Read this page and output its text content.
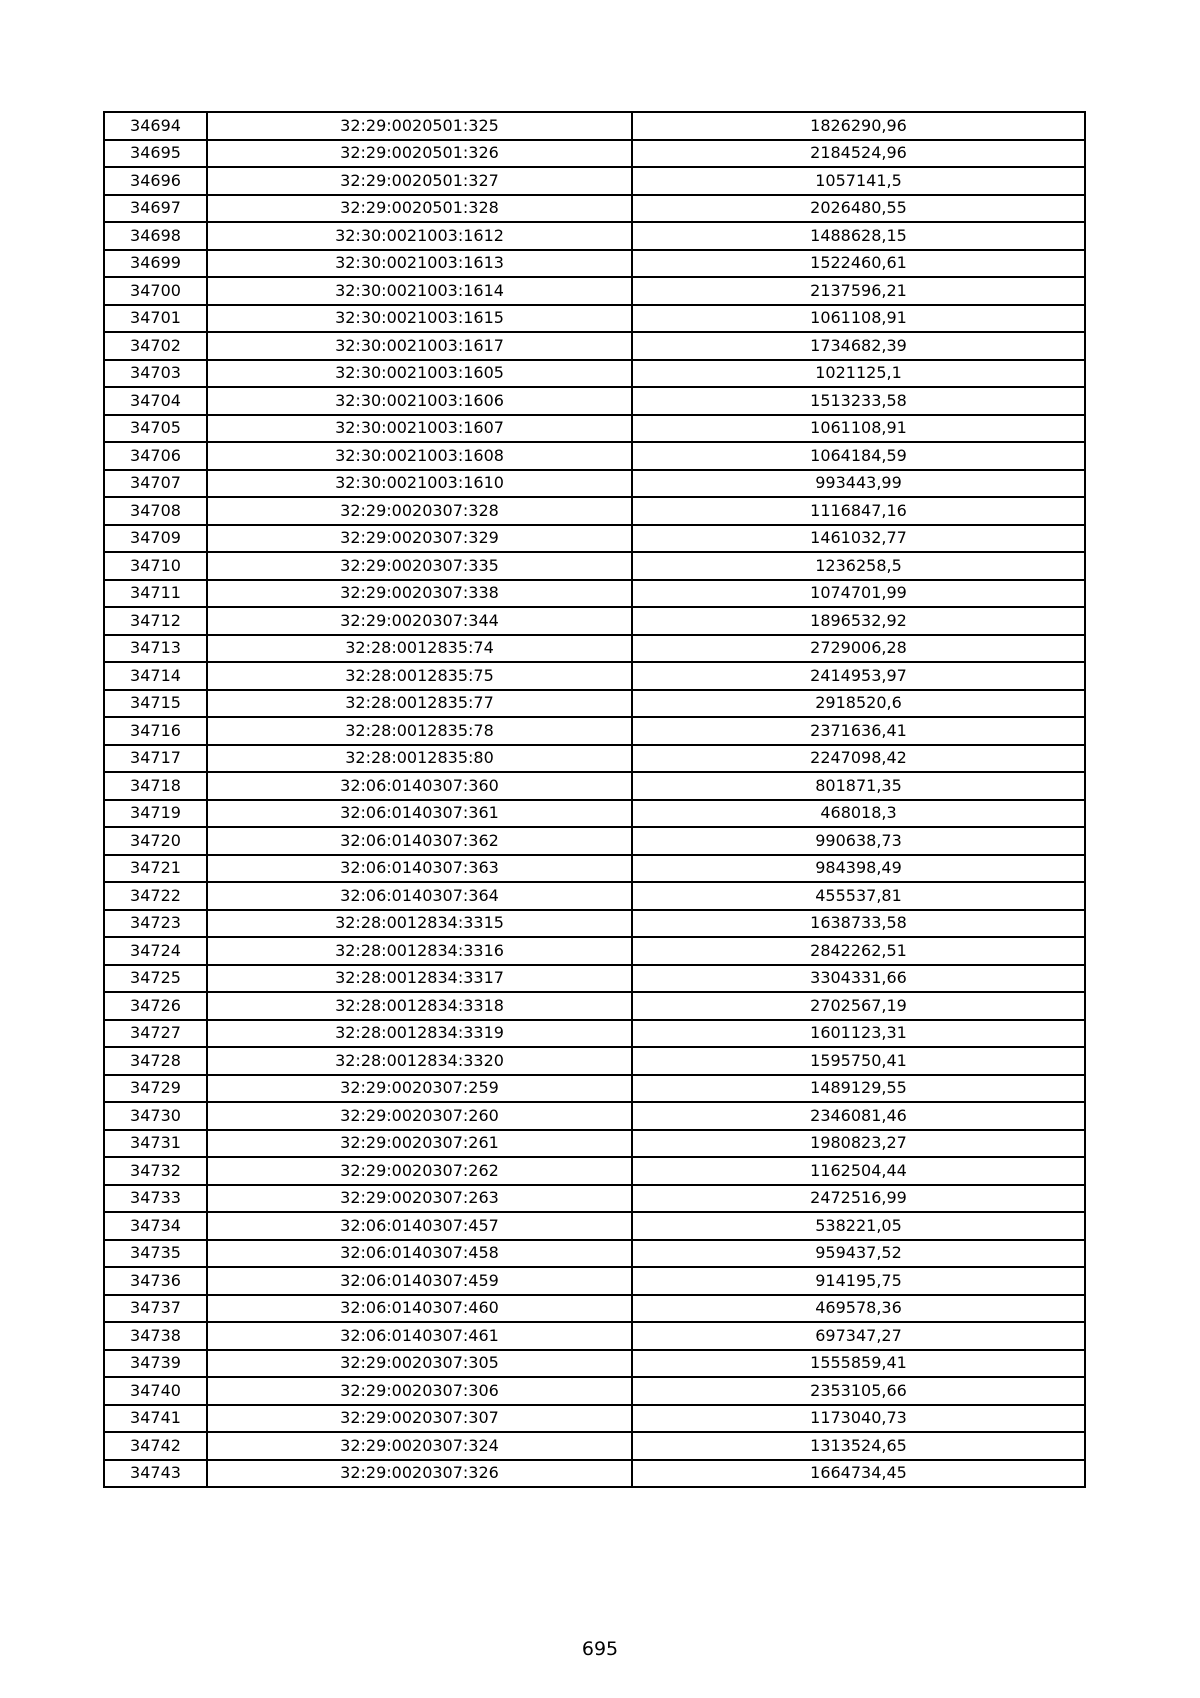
34694	32:29:0020501:325	1826290,96
34695	32:29:0020501:326	2184524,96
34696	32:29:0020501:327	1057141,5
34697	32:29:0020501:328	2026480,55
34698	32:30:0021003:1612	1488628,15
34699	32:30:0021003:1613	1522460,61
34700	32:30:0021003:1614	2137596,21
34701	32:30:0021003:1615	1061108,91
34702	32:30:0021003:1617	1734682,39
34703	32:30:0021003:1605	1021125,1
34704	32:30:0021003:1606	1513233,58
34705	32:30:0021003:1607	1061108,91
34706	32:30:0021003:1608	1064184,59
34707	32:30:0021003:1610	993443,99
34708	32:29:0020307:328	1116847,16
34709	32:29:0020307:329	1461032,77
34710	32:29:0020307:335	1236258,5
34711	32:29:0020307:338	1074701,99
34712	32:29:0020307:344	1896532,92
34713	32:28:0012835:74	2729006,28
34714	32:28:0012835:75	2414953,97
34715	32:28:0012835:77	2918520,6
34716	32:28:0012835:78	2371636,41
34717	32:28:0012835:80	2247098,42
34718	32:06:0140307:360	801871,35
34719	32:06:0140307:361	468018,3
34720	32:06:0140307:362	990638,73
34721	32:06:0140307:363	984398,49
34722	32:06:0140307:364	455537,81
34723	32:28:0012834:3315	1638733,58
34724	32:28:0012834:3316	2842262,51
34725	32:28:0012834:3317	3304331,66
34726	32:28:0012834:3318	2702567,19
34727	32:28:0012834:3319	1601123,31
34728	32:28:0012834:3320	1595750,41
34729	32:29:0020307:259	1489129,55
34730	32:29:0020307:260	2346081,46
34731	32:29:0020307:261	1980823,27
34732	32:29:0020307:262	1162504,44
34733	32:29:0020307:263	2472516,99
34734	32:06:0140307:457	538221,05
34735	32:06:0140307:458	959437,52
34736	32:06:0140307:459	914195,75
34737	32:06:0140307:460	469578,36
34738	32:06:0140307:461	697347,27
34739	32:29:0020307:305	1555859,41
34740	32:29:0020307:306	2353105,66
34741	32:29:0020307:307	1173040,73
34742	32:29:0020307:324	1313524,65
34743	32:29:0020307:326	1664734,45
695
